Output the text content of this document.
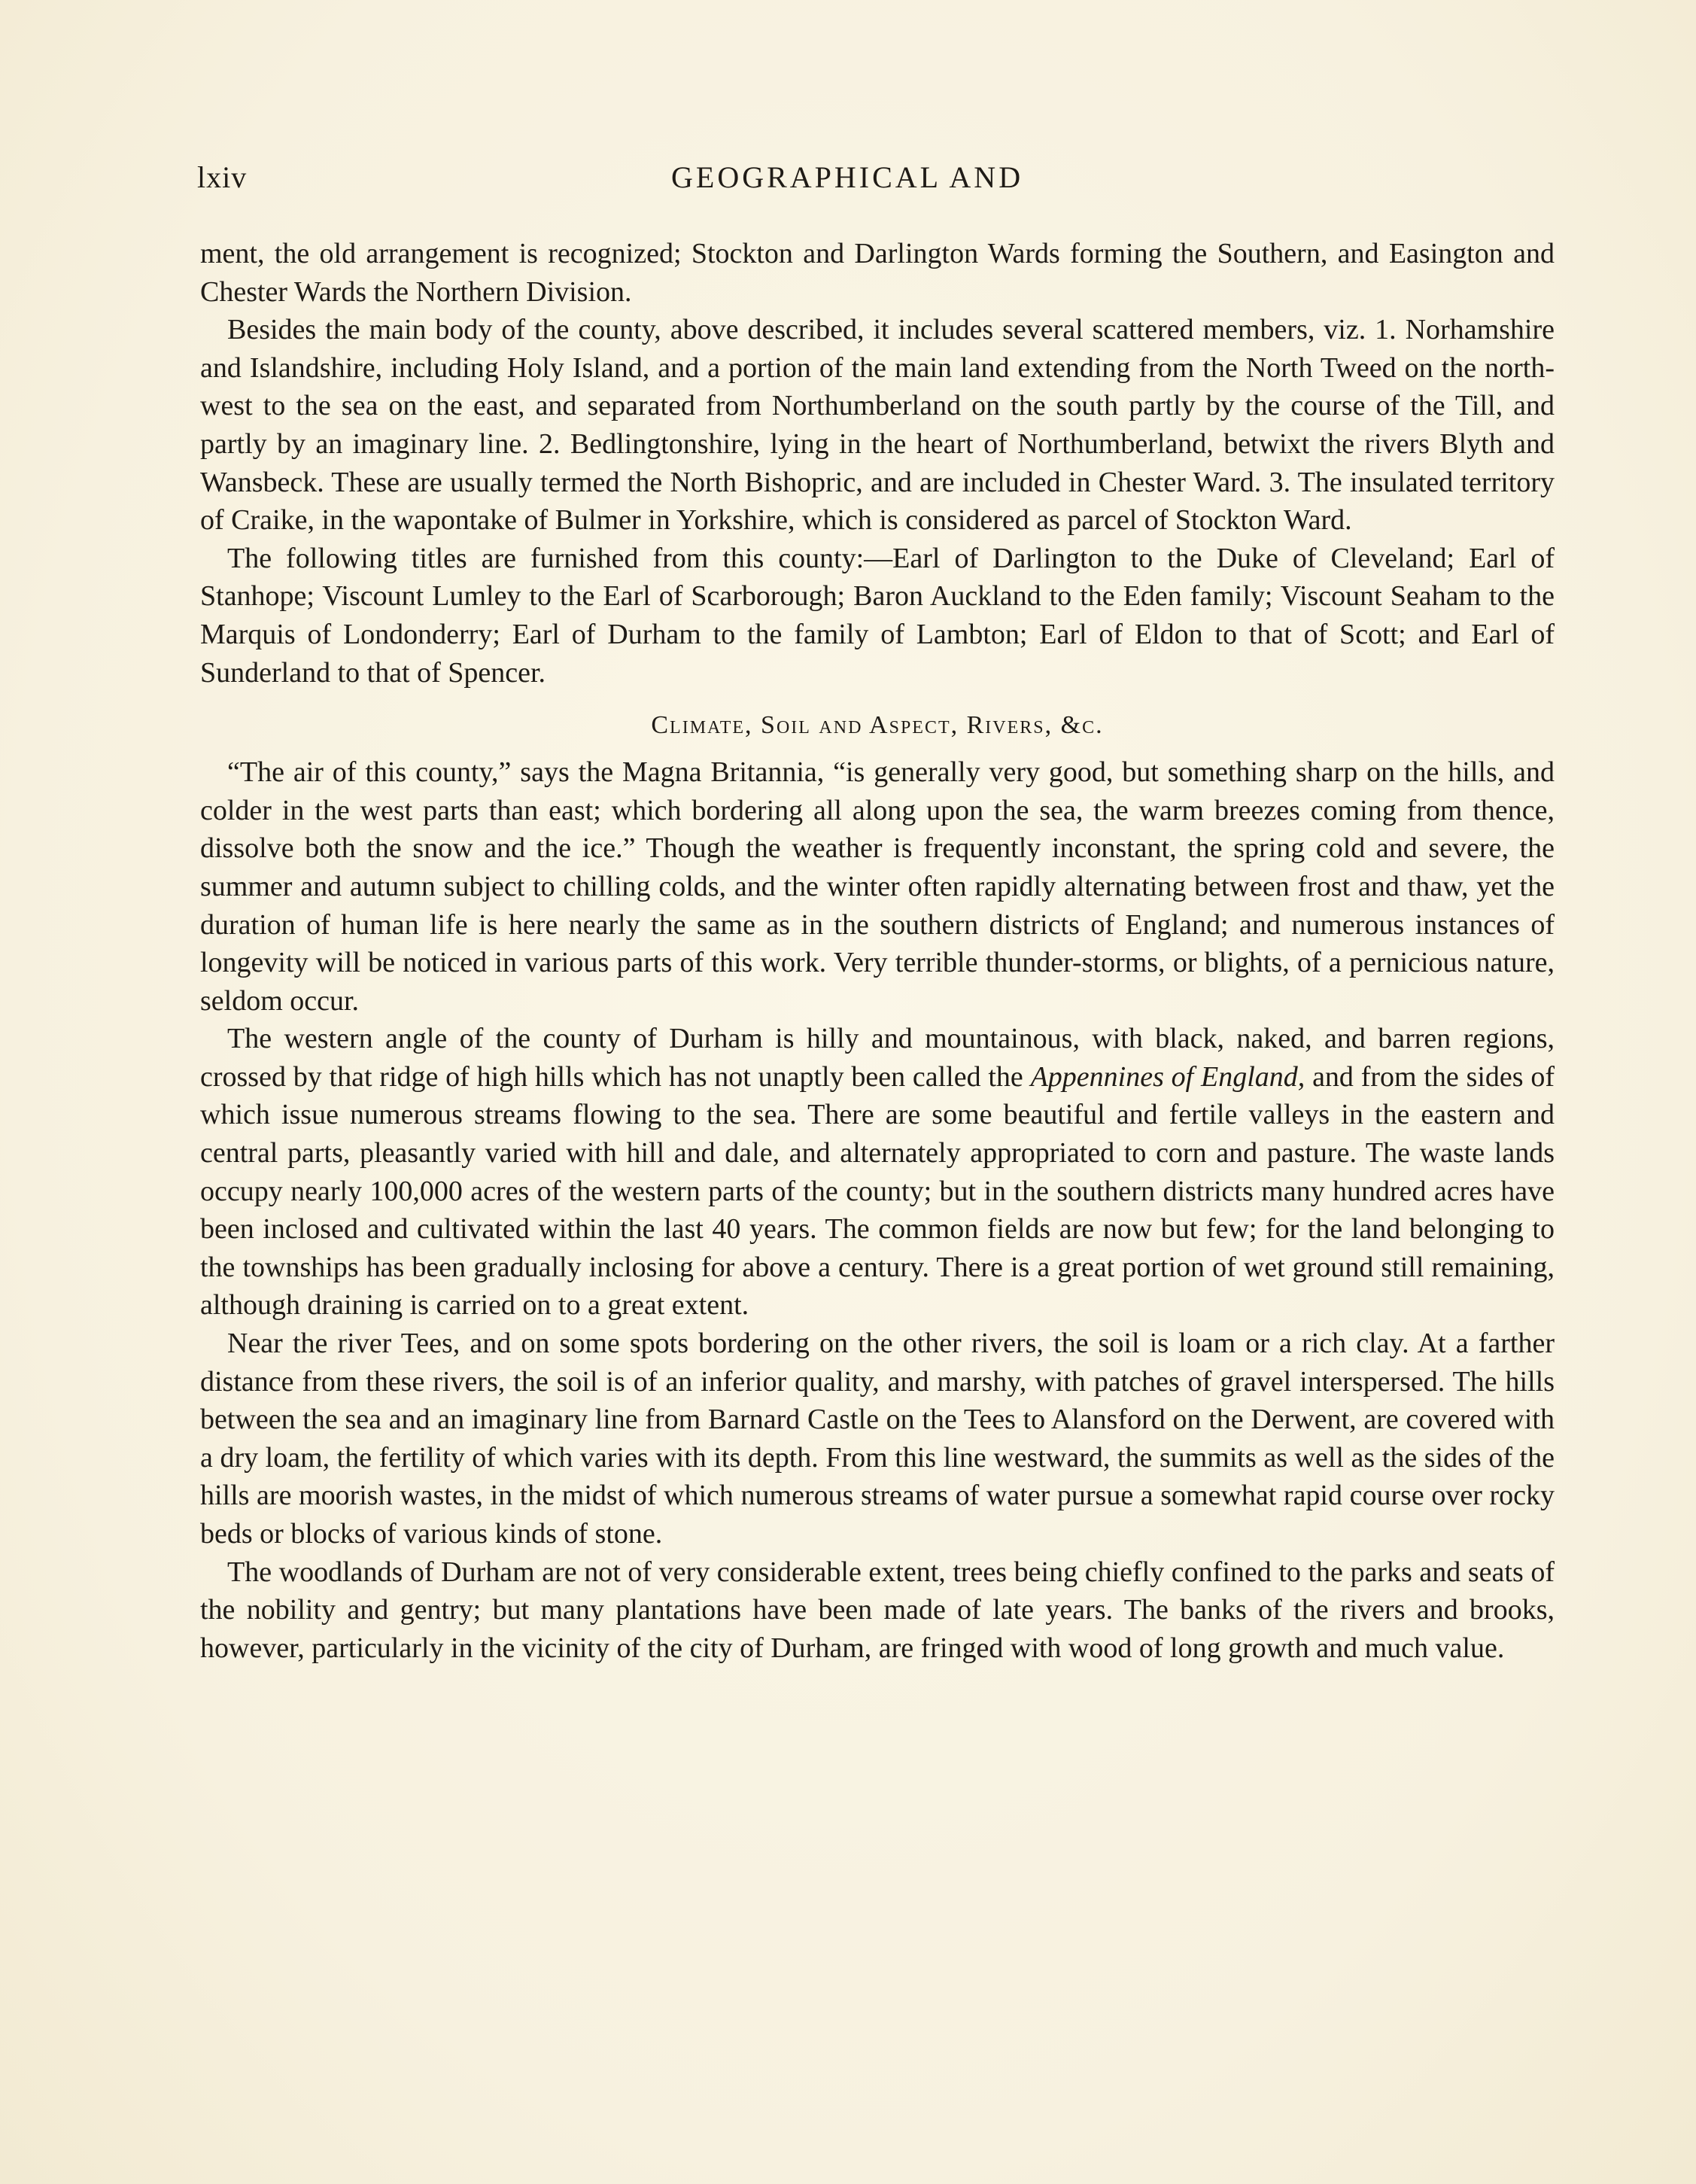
lxiv	GEOGRAPHICAL AND

ment, the old arrangement is recognized; Stockton and Darlington Wards forming the Southern, and Easington and Chester Wards the Northern Division.

Besides the main body of the county, above described, it includes several scattered members, viz. 1. Norhamshire and Islandshire, including Holy Island, and a portion of the main land extending from the North Tweed on the north-west to the sea on the east, and separated from Northumberland on the south partly by the course of the Till, and partly by an imaginary line. 2. Bedlingtonshire, lying in the heart of Northumberland, betwixt the rivers Blyth and Wansbeck. These are usually termed the North Bishopric, and are included in Chester Ward. 3. The insulated territory of Craike, in the wapontake of Bulmer in Yorkshire, which is considered as parcel of Stockton Ward.

The following titles are furnished from this county:—Earl of Darlington to the Duke of Cleveland; Earl of Stanhope; Viscount Lumley to the Earl of Scarborough; Baron Auckland to the Eden family; Viscount Seaham to the Marquis of Londonderry; Earl of Durham to the family of Lambton; Earl of Eldon to that of Scott; and Earl of Sunderland to that of Spencer.

Climate, Soil and Aspect, Rivers, &c.

“The air of this county,” says the Magna Britannia, “is generally very good, but something sharp on the hills, and colder in the west parts than east; which bordering all along upon the sea, the warm breezes coming from thence, dissolve both the snow and the ice.” Though the weather is frequently inconstant, the spring cold and severe, the summer and autumn subject to chilling colds, and the winter often rapidly alternating between frost and thaw, yet the duration of human life is here nearly the same as in the southern districts of England; and numerous instances of longevity will be noticed in various parts of this work. Very terrible thunder-storms, or blights, of a pernicious nature, seldom occur.

The western angle of the county of Durham is hilly and mountainous, with black, naked, and barren regions, crossed by that ridge of high hills which has not unaptly been called the Appennines of England, and from the sides of which issue numerous streams flowing to the sea. There are some beautiful and fertile valleys in the eastern and central parts, pleasantly varied with hill and dale, and alternately appropriated to corn and pasture. The waste lands occupy nearly 100,000 acres of the western parts of the county; but in the southern districts many hundred acres have been inclosed and cultivated within the last 40 years. The common fields are now but few; for the land belonging to the townships has been gradually inclosing for above a century. There is a great portion of wet ground still remaining, although draining is carried on to a great extent.

Near the river Tees, and on some spots bordering on the other rivers, the soil is loam or a rich clay. At a farther distance from these rivers, the soil is of an inferior quality, and marshy, with patches of gravel interspersed. The hills between the sea and an imaginary line from Barnard Castle on the Tees to Alansford on the Derwent, are covered with a dry loam, the fertility of which varies with its depth. From this line westward, the summits as well as the sides of the hills are moorish wastes, in the midst of which numerous streams of water pursue a somewhat rapid course over rocky beds or blocks of various kinds of stone.

The woodlands of Durham are not of very considerable extent, trees being chiefly confined to the parks and seats of the nobility and gentry; but many plantations have been made of late years. The banks of the rivers and brooks, however, particularly in the vicinity of the city of Durham, are fringed with wood of long growth and much value.
